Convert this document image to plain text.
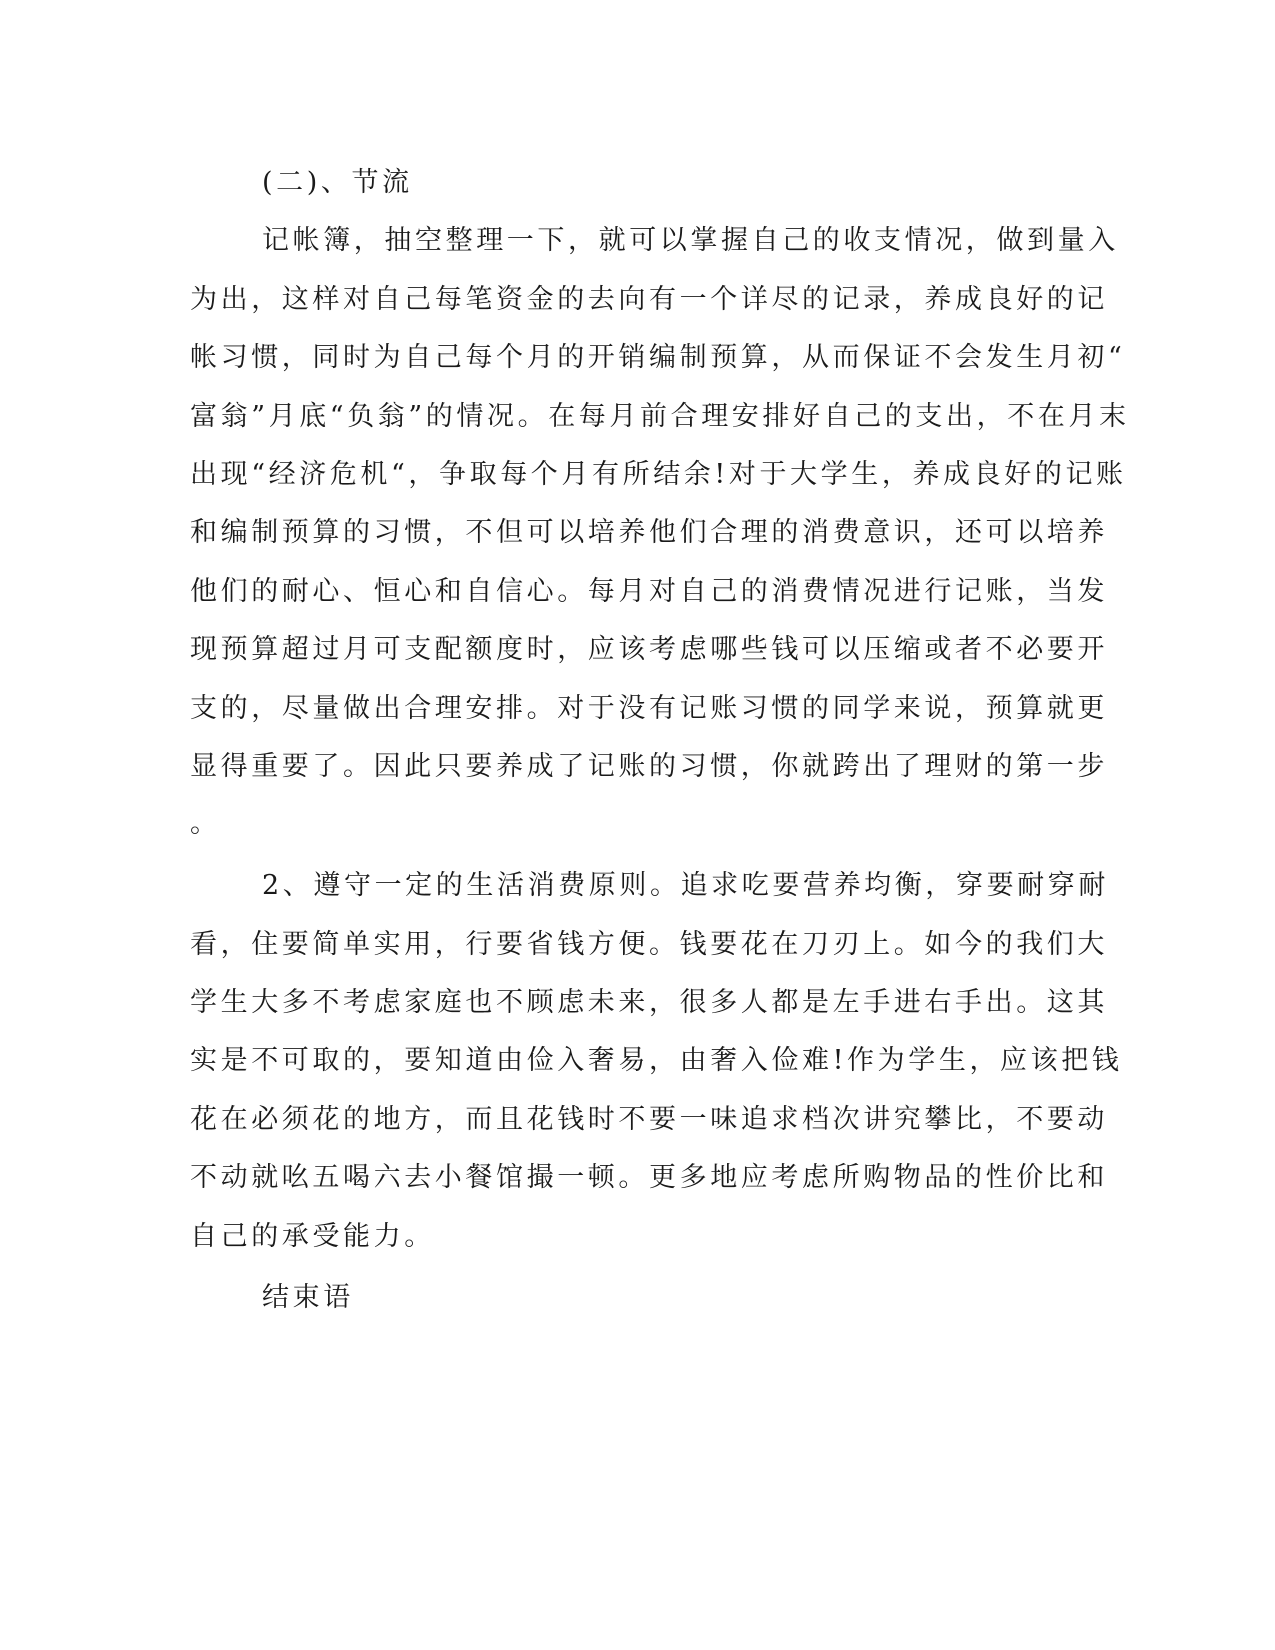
(二)、节流
记帐簿，抽空整理一下，就可以掌握自己的收支情况，做到量入
为出，这样对自己每笔资金的去向有一个详尽的记录，养成良好的记
帐习惯，同时为自己每个月的开销编制预算，从而保证不会发生月初“
富翁”月底“负翁”的情况。在每月前合理安排好自己的支出，不在月末
出现“经济危机“，争取每个月有所结余!对于大学生，养成良好的记账
和编制预算的习惯，不但可以培养他们合理的消费意识，还可以培养
他们的耐心、恒心和自信心。每月对自己的消费情况进行记账，当发
现预算超过月可支配额度时，应该考虑哪些钱可以压缩或者不必要开
支的，尽量做出合理安排。对于没有记账习惯的同学来说，预算就更
显得重要了。因此只要养成了记账的习惯，你就跨出了理财的第一步
。
2、遵守一定的生活消费原则。追求吃要营养均衡，穿要耐穿耐
看，住要简单实用，行要省钱方便。钱要花在刀刃上。如今的我们大
学生大多不考虑家庭也不顾虑未来，很多人都是左手进右手出。这其
实是不可取的，要知道由俭入奢易，由奢入俭难!作为学生，应该把钱
花在必须花的地方，而且花钱时不要一味追求档次讲究攀比，不要动
不动就吆五喝六去小餐馆撮一顿。更多地应考虑所购物品的性价比和
自己的承受能力。
结束语
